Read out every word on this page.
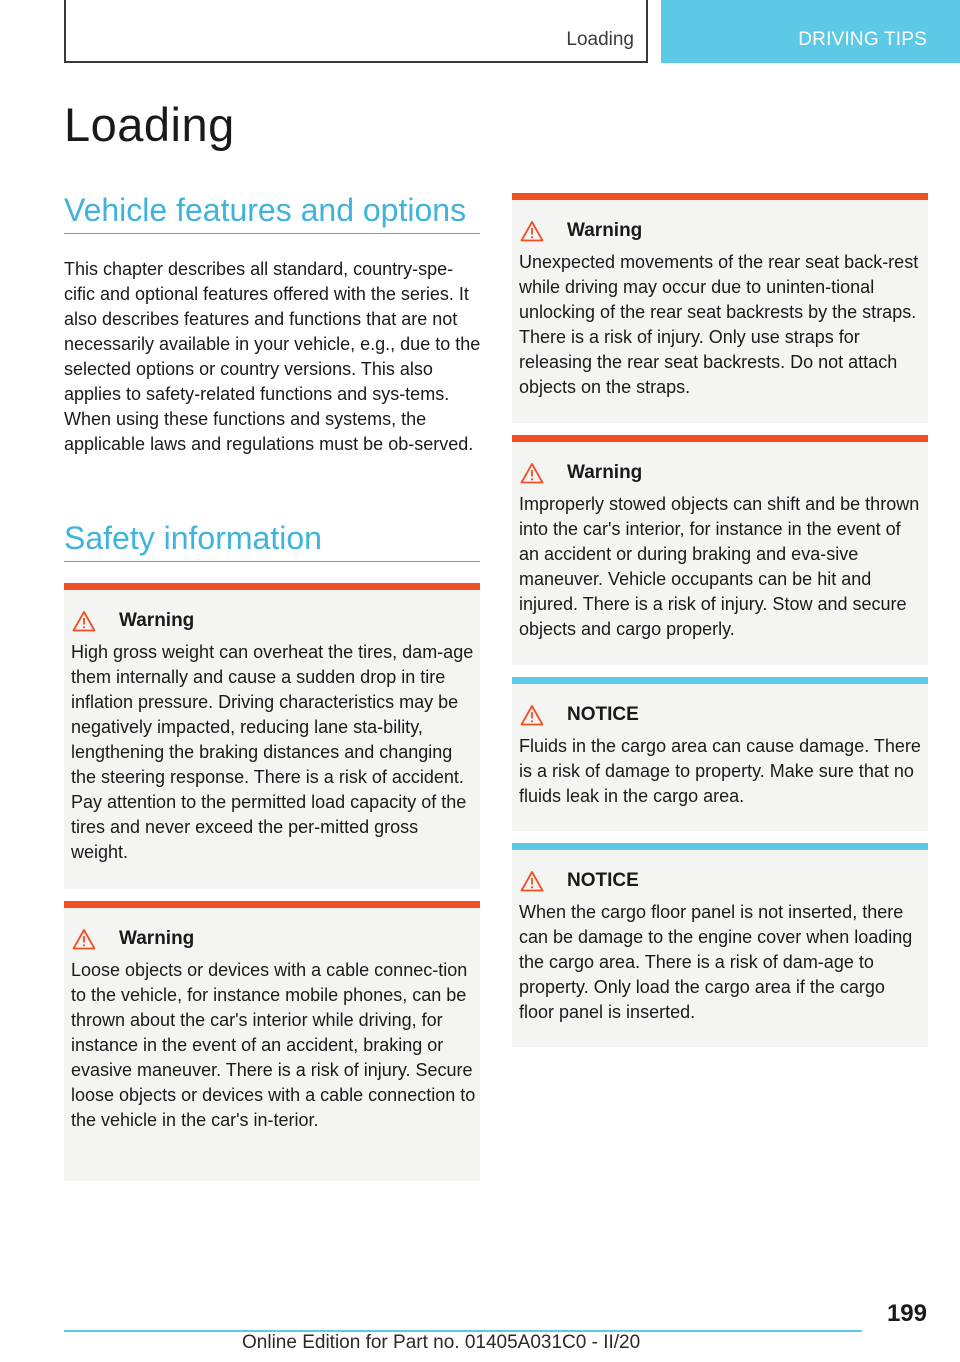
Loading	DRIVING TIPS
Loading
Vehicle features and options

This chapter describes all standard, country-spe-cific and optional features offered with the series. It also describes features and functions that are not necessarily available in your vehicle, e.g., due to the selected options or country versions. This also applies to safety-related functions and sys-tems. When using these functions and systems, the applicable laws and regulations must be ob-served.

Safety information
Warning

High gross weight can overheat the tires, dam-age them internally and cause a sudden drop in tire inflation pressure. Driving characteristics may be negatively impacted, reducing lane sta-bility, lengthening the braking distances and changing the steering response. There is a risk of accident. Pay attention to the permitted load capacity of the tires and never exceed the per-mitted gross weight.

Warning

Loose objects or devices with a cable connec-tion to the vehicle, for instance mobile phones, can be thrown about the car's interior while driving, for instance in the event of an accident, braking or evasive maneuver. There is a risk of injury. Secure loose objects or devices with a cable connection to the vehicle in the car's in-terior.

Warning

Unexpected movements of the rear seat back-rest while driving may occur due to uninten-tional unlocking of the rear seat backrests by the straps. There is a risk of injury. Only use straps for releasing the rear seat backrests. Do not attach objects on the straps.

Warning

Improperly stowed objects can shift and be thrown into the car's interior, for instance in the event of an accident or during braking and eva-sive maneuver. Vehicle occupants can be hit and injured. There is a risk of injury. Stow and secure objects and cargo properly.

NOTICE

Fluids in the cargo area can cause damage. There is a risk of damage to property. Make sure that no fluids leak in the cargo area.

NOTICE

When the cargo floor panel is not inserted, there can be damage to the engine cover when loading the cargo area. There is a risk of dam-age to property. Only load the cargo area if the cargo floor panel is inserted.

199
Online Edition for Part no. 01405A031C0 - II/20
